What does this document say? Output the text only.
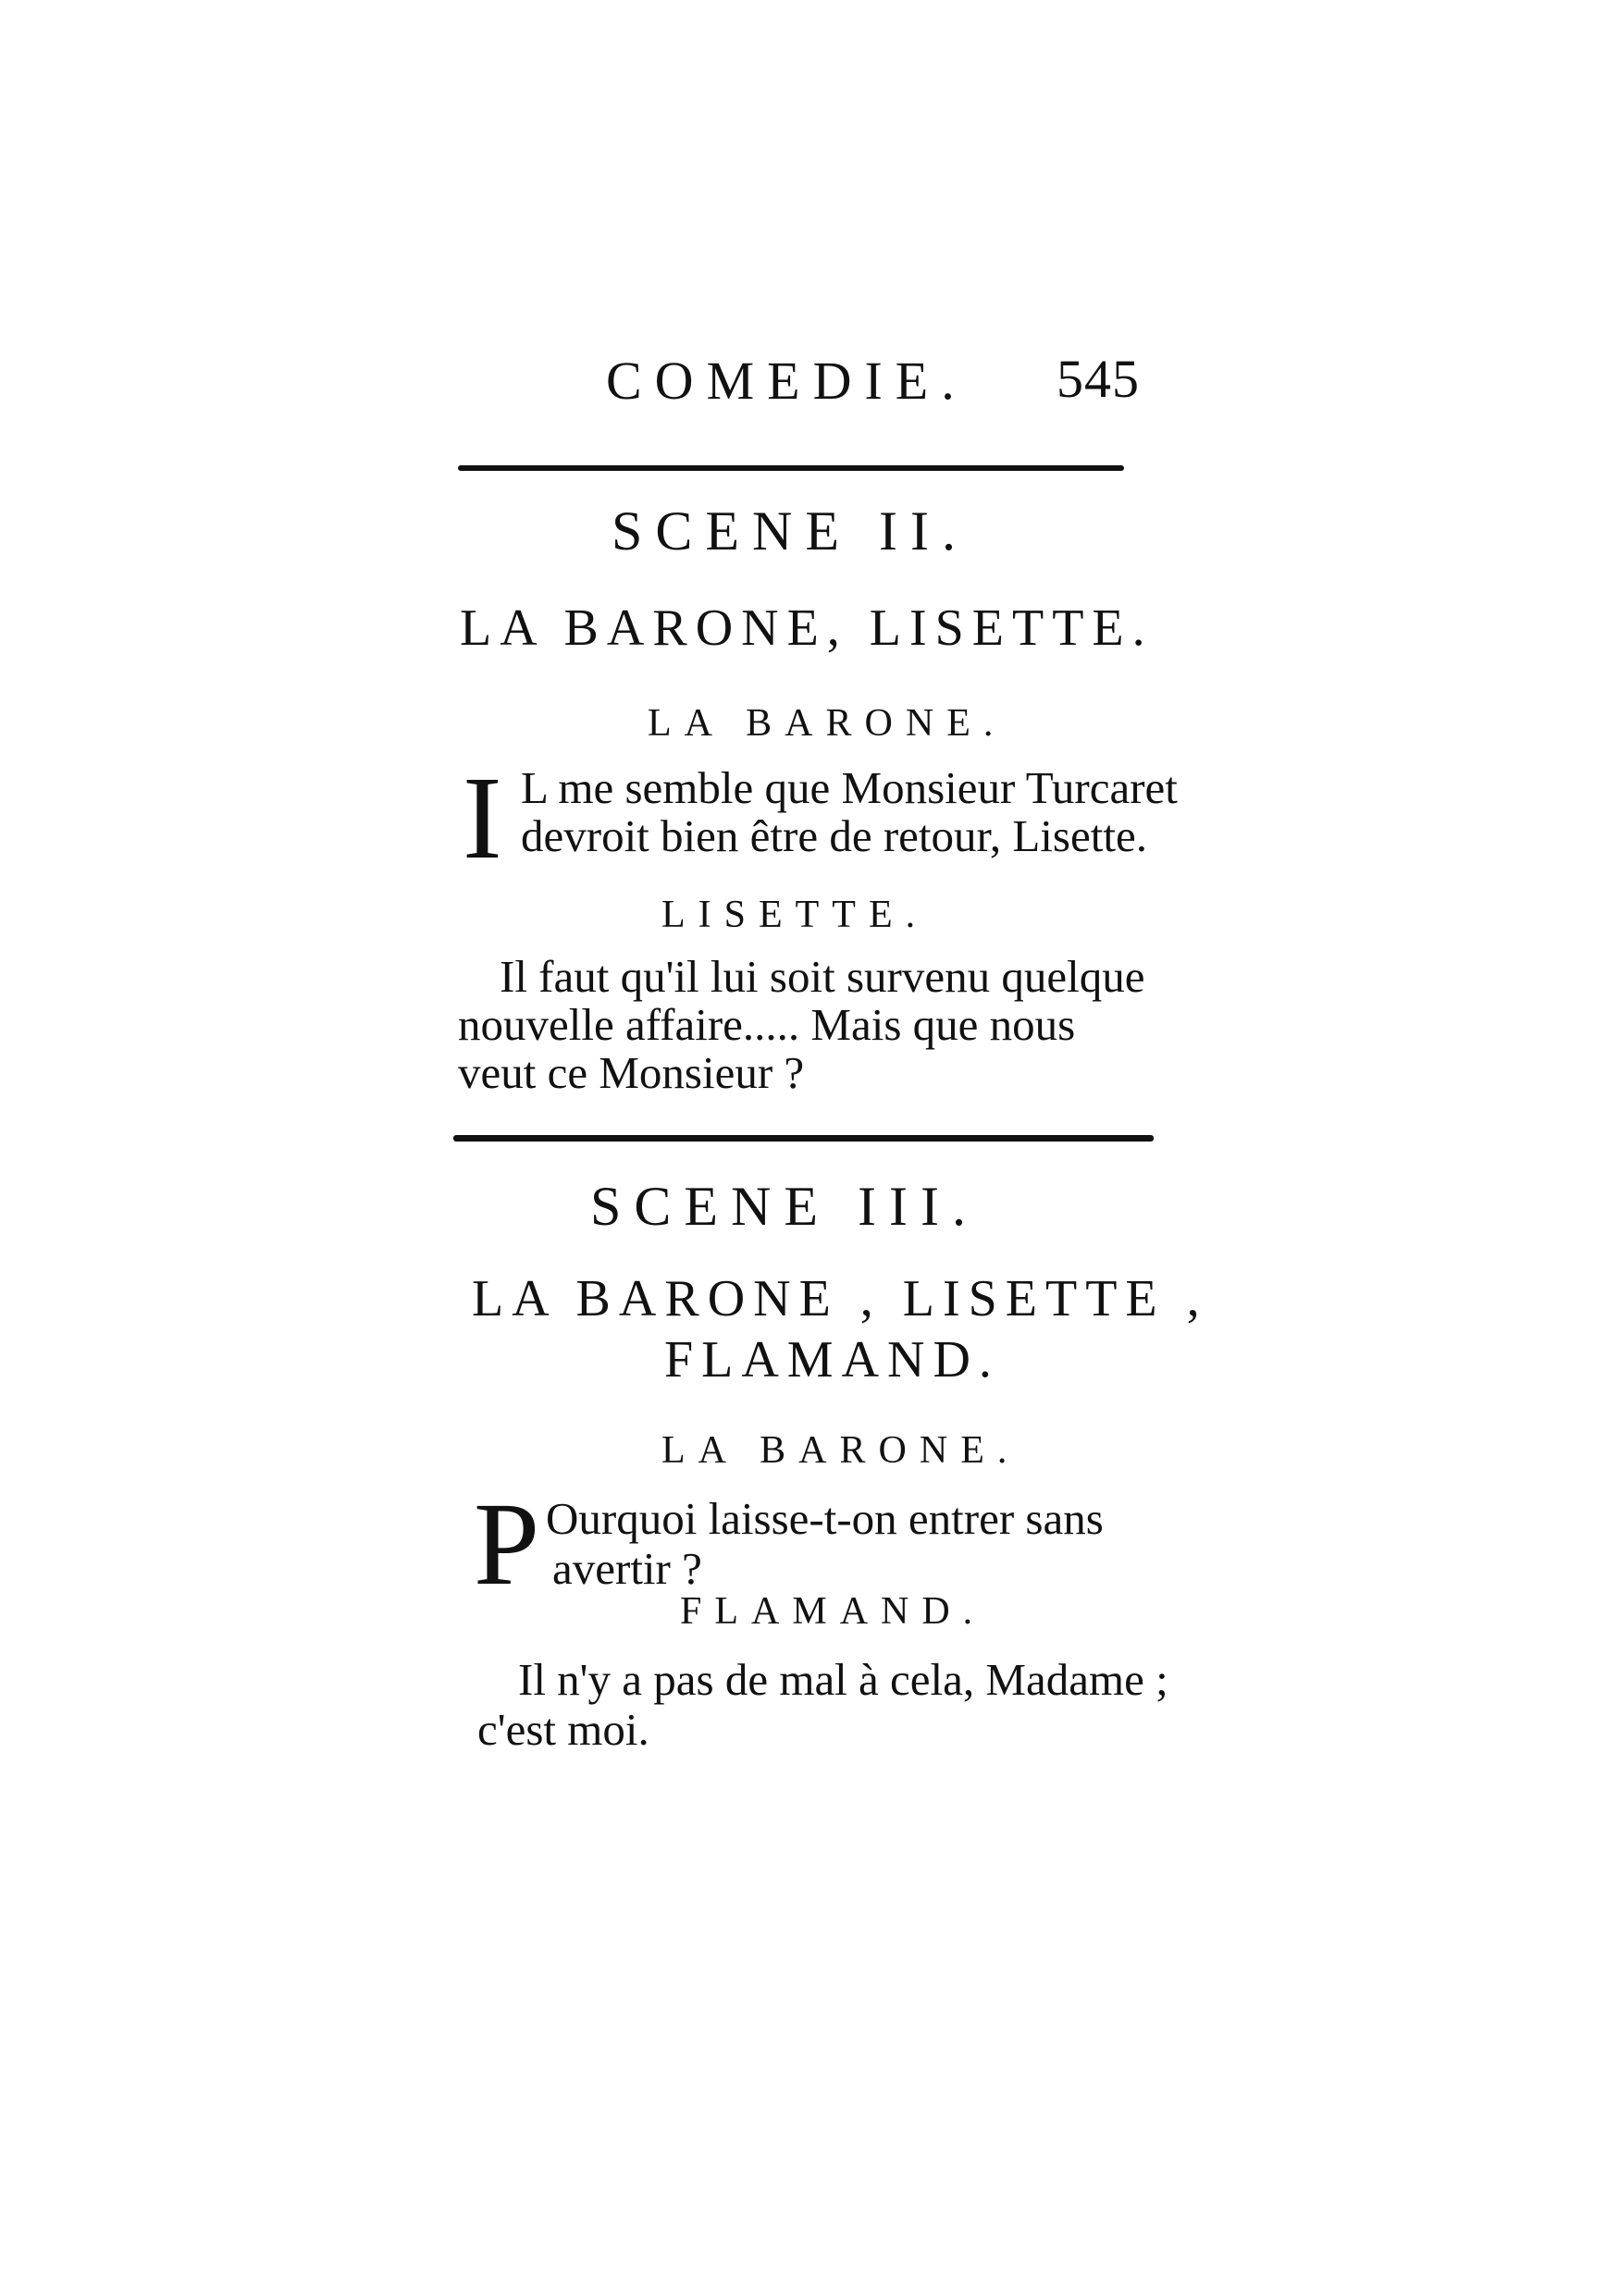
COMEDIE. 545
SCENE II.
LA BARONE, LISETTE.
LA BARONE.
I L me semble que Monsieur Turcaret
devroit bien être de retour, Lisette.
LISETTE.
Il faut qu'il lui soit survenu quelque
nouvelle affaire..... Mais que nous
veut ce Monsieur ?
SCENE III.
LA BARONE , LISETTE ,
FLAMAND.
LA BARONE.
P Ourquoi laisse-t-on entrer sans
avertir ?
FLAMAND.
Il n'y a pas de mal à cela, Madame ;
c'est moi.
